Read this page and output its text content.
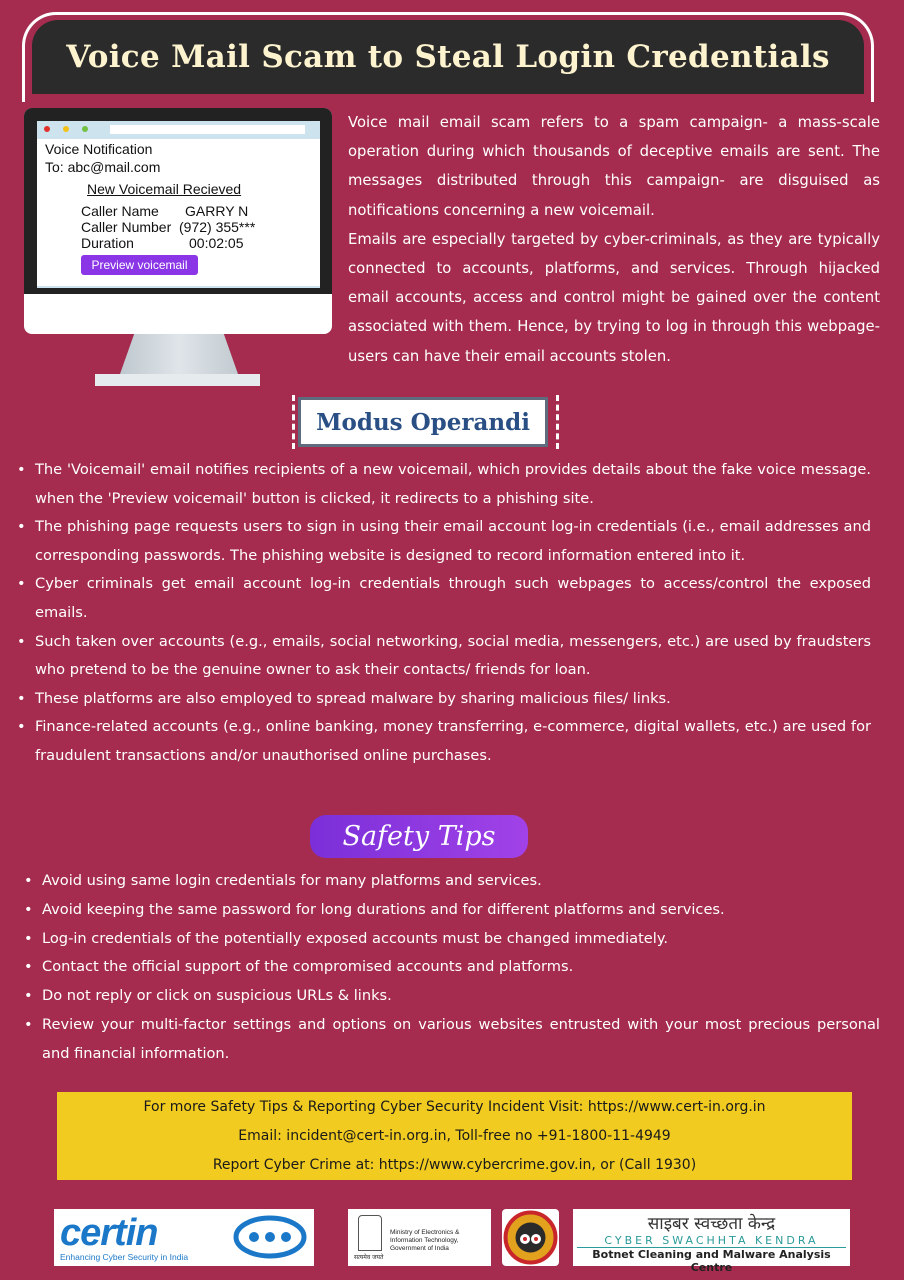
Voice Mail Scam to Steal Login Credentials
Voice Notification
To: abc@mail.com
New Voicemail Recieved
Caller Name GARRY N
Caller Number (972) 355***
Duration	00:02:05
Preview voicemail

Voice mail email scam refers to a spam campaign- a mass-scale operation during which thousands of deceptive emails are sent. The messages distributed through this campaign- are disguised as notifications concerning a new voicemail.

Emails are especially targeted by cyber-criminals, as they are typically connected to accounts, platforms, and services. Through hijacked email accounts, access and control might be gained over the content associated with them. Hence, by trying to log in through this webpage-users can have their email accounts stolen.

Modus Operandi
• The 'Voicemail' email notifies recipients of a new voicemail, which provides details about the fake voice message. when the 'Preview voicemail' button is clicked, it redirects to a phishing site.
• The phishing page requests users to sign in using their email account log-in credentials (i.e., email addresses and corresponding passwords. The phishing website is designed to record information entered into it.
• Cyber criminals get email account log-in credentials through such webpages to access/control the exposed emails.
• Such taken over accounts (e.g., emails, social networking, social media, messengers, etc.) are used by fraudsters who pretend to be the genuine owner to ask their contacts/ friends for loan.
• These platforms are also employed to spread malware by sharing malicious files/ links.
• Finance-related accounts (e.g., online banking, money transferring, e-commerce, digital wallets, etc.) are used for fraudulent transactions and/or unauthorised online purchases.
Safety Tips
• Avoid using same login credentials for many platforms and services.
• Avoid keeping the same password for long durations and for different platforms and services.
• Log-in credentials of the potentially exposed accounts must be changed immediately.
• Contact the official support of the compromised accounts and platforms.
• Do not reply or click on suspicious URLs & links.
• Review your multi-factor settings and options on various websites entrusted with your most precious personal and financial information.
For more Safety Tips & Reporting Cyber Security Incident Visit: https://www.cert-in.org.in
Email: incident@cert-in.org.in, Toll-free no +91-1800-11-4949
Report Cyber Crime at: https://www.cybercrime.gov.in, or (Call 1930)
certin
Enhancing Cyber Security in India	सत्यमेव जयते
Ministry of Electronics &
Information Technology,
Government of India
साइबर स्वच्छता केन्द्र
CYBER SWACHHTA KENDRA
Botnet Cleaning and Malware Analysis Centre
